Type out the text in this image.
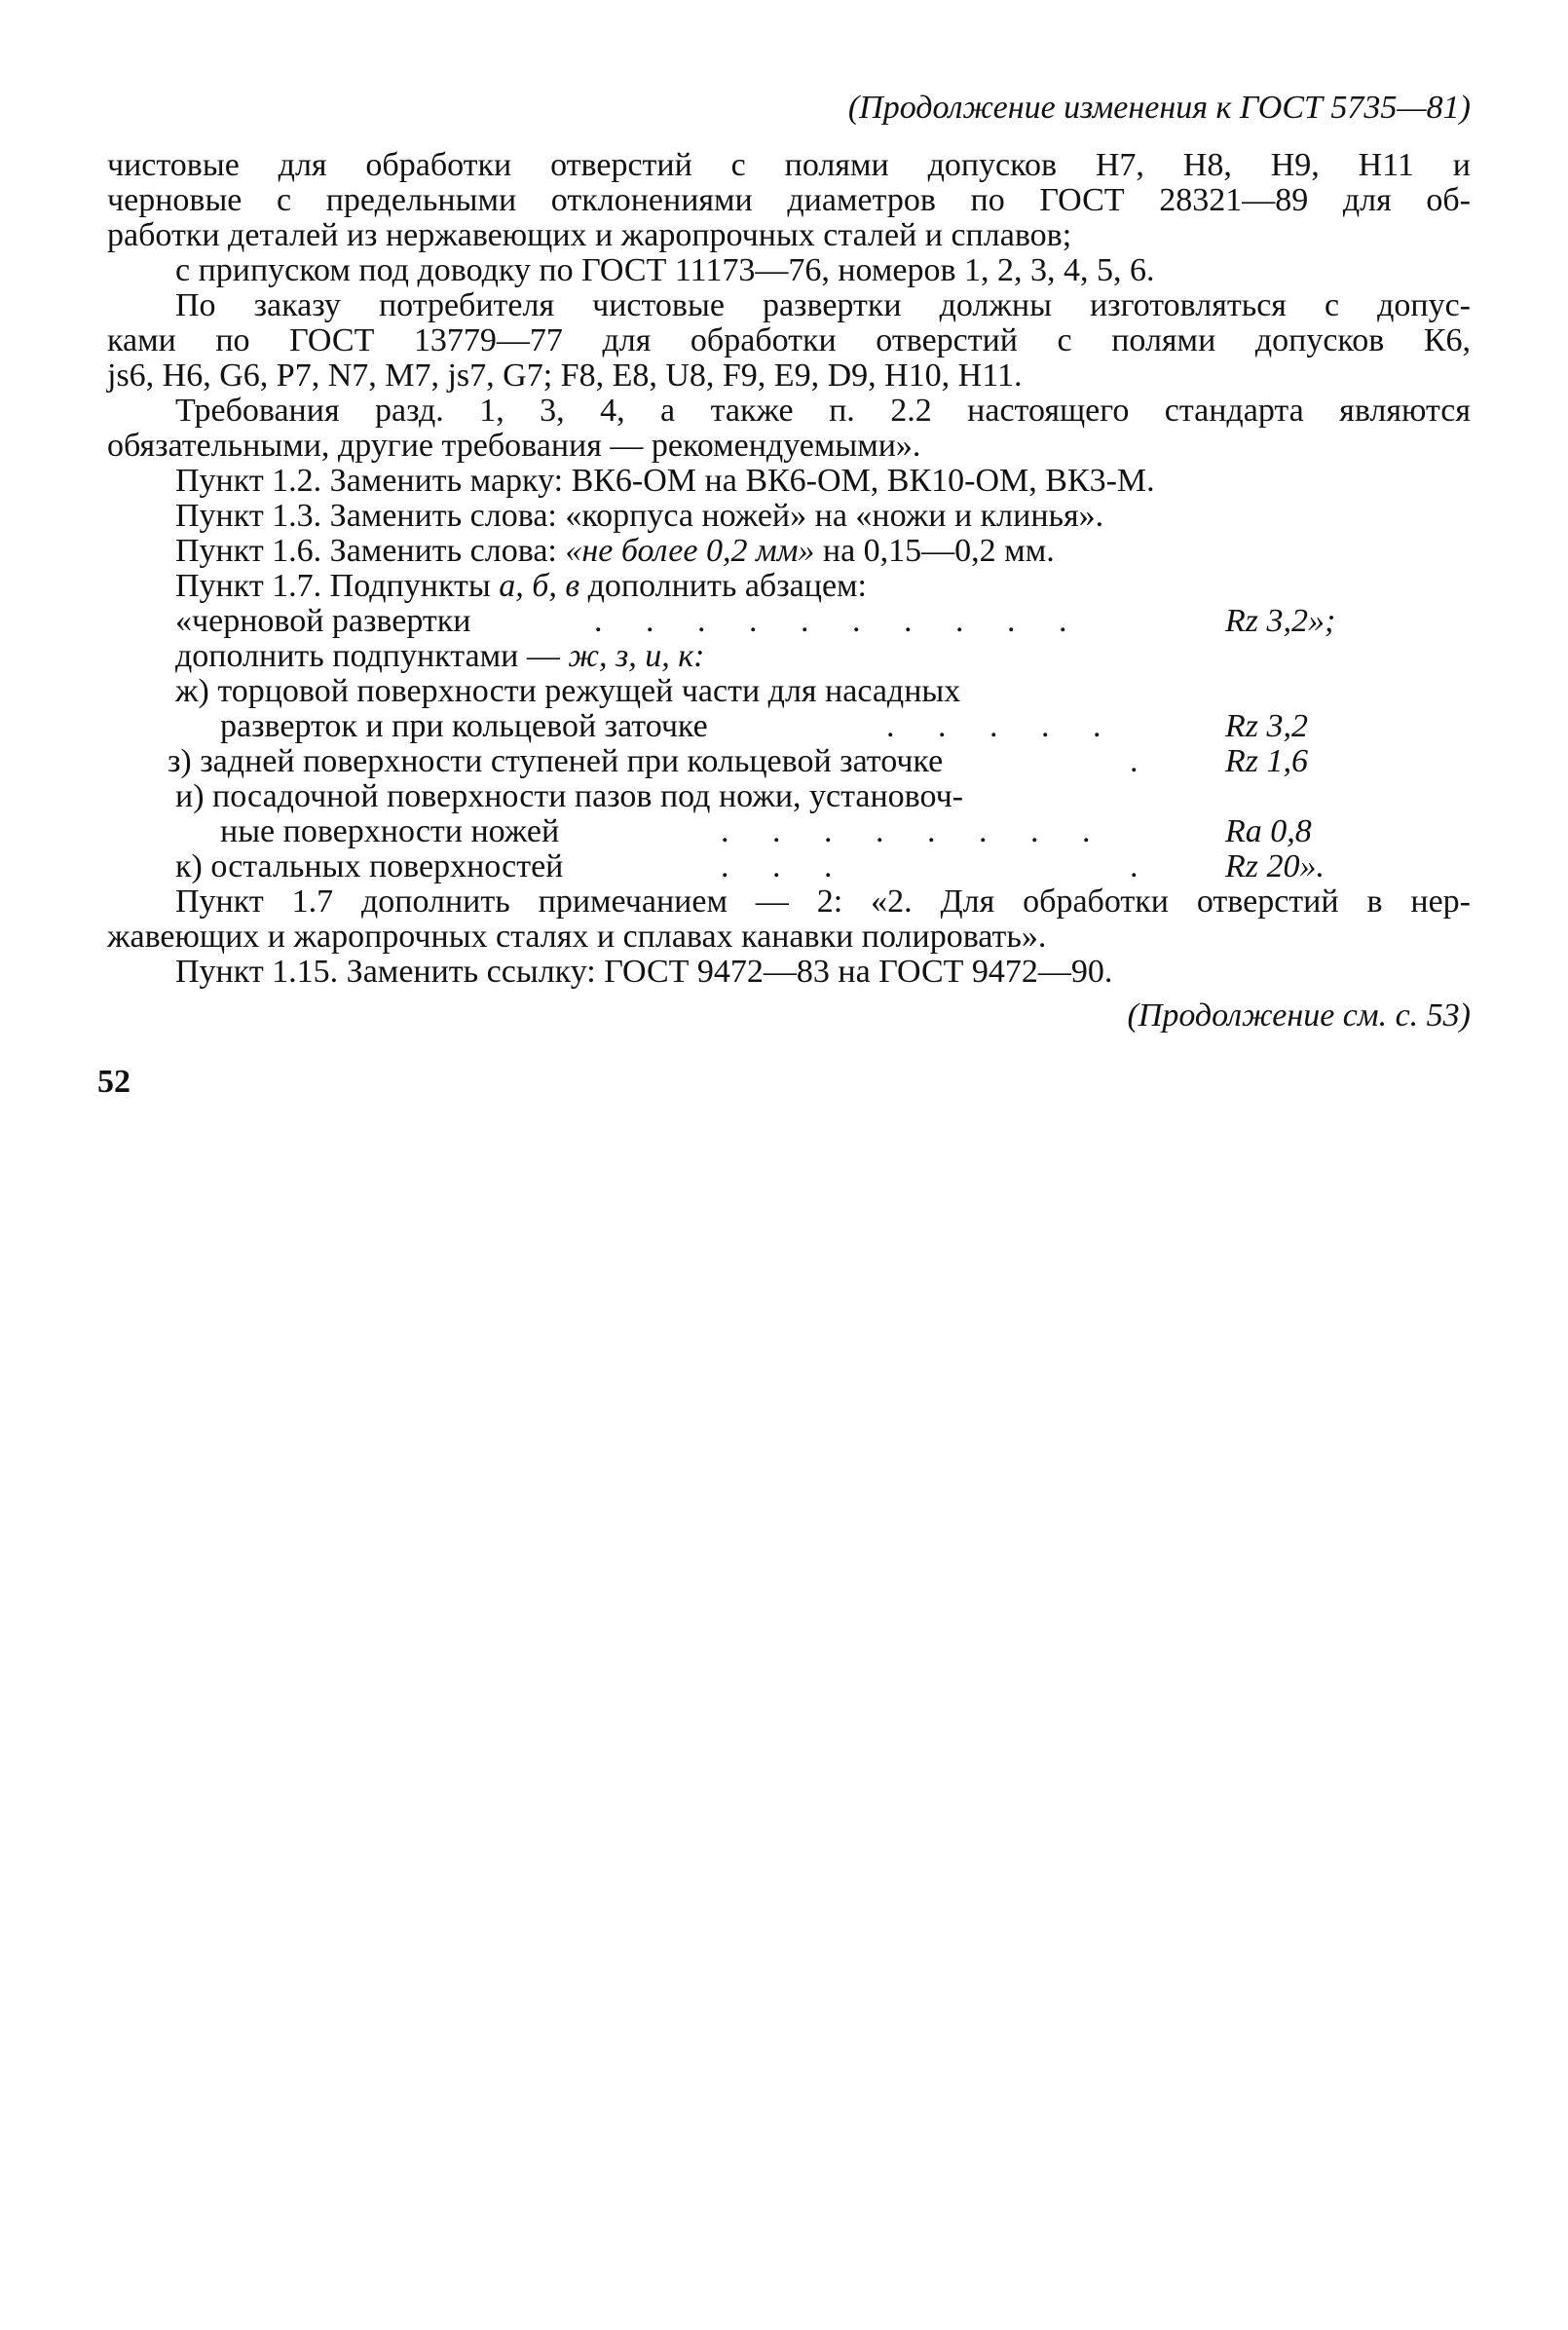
(Продолжение изменения к ГОСТ 5735—81)
чистовые для обработки отверстий с полями допусков Н7, Н8, Н9, Н11 и
черновые с предельными отклонениями диаметров по ГОСТ 28321—89 для об-
работки деталей из нержавеющих и жаропрочных сталей и сплавов;
с припуском под доводку по ГОСТ 11173—76, номеров 1, 2, 3, 4, 5, 6.
По заказу потребителя чистовые развертки должны изготовляться с допус-
ками по ГОСТ 13779—77 для обработки отверстий с полями допусков К6,
js6, Н6, G6, Р7, N7, М7, js7, G7; F8, Е8, U8, F9, Е9, D9, Н10, Н11.
Требования разд. 1, 3, 4, а также п. 2.2 настоящего стандарта являются
обязательными, другие требования — рекомендуемыми».
Пункт 1.2. Заменить марку: ВК6-ОМ на ВК6-ОМ, ВК10-ОМ, ВК3-М.
Пункт 1.3. Заменить слова: «корпуса ножей» на «ножи и клинья».
Пункт 1.6. Заменить слова: «не более 0,2 мм» на 0,15—0,2 мм.
Пункт 1.7. Подпункты а, б, в дополнить абзацем:
«черновой развертки	. . . . . . . . . .	Rz 3,2»;
дополнить подпунктами — ж, з, и, к:
ж) торцовой поверхности режущей части для насадных
разверток и при кольцевой заточке	. . . . .	Rz 3,2
з) задней поверхности ступеней при кольцевой заточке	. Rz 1,6
и) посадочной поверхности пазов под ножи, установоч-
ные поверхности ножей	. . . . . . . .	Ra 0,8
к) остальных поверхностей	. . .	. Rz 20».
Пункт 1.7 дополнить примечанием — 2: «2. Для обработки отверстий в нер-
жавеющих и жаропрочных сталях и сплавах канавки полировать».
Пункт 1.15. Заменить ссылку: ГОСТ 9472—83 на ГОСТ 9472—90.
(Продолжение см. с. 53)
52
